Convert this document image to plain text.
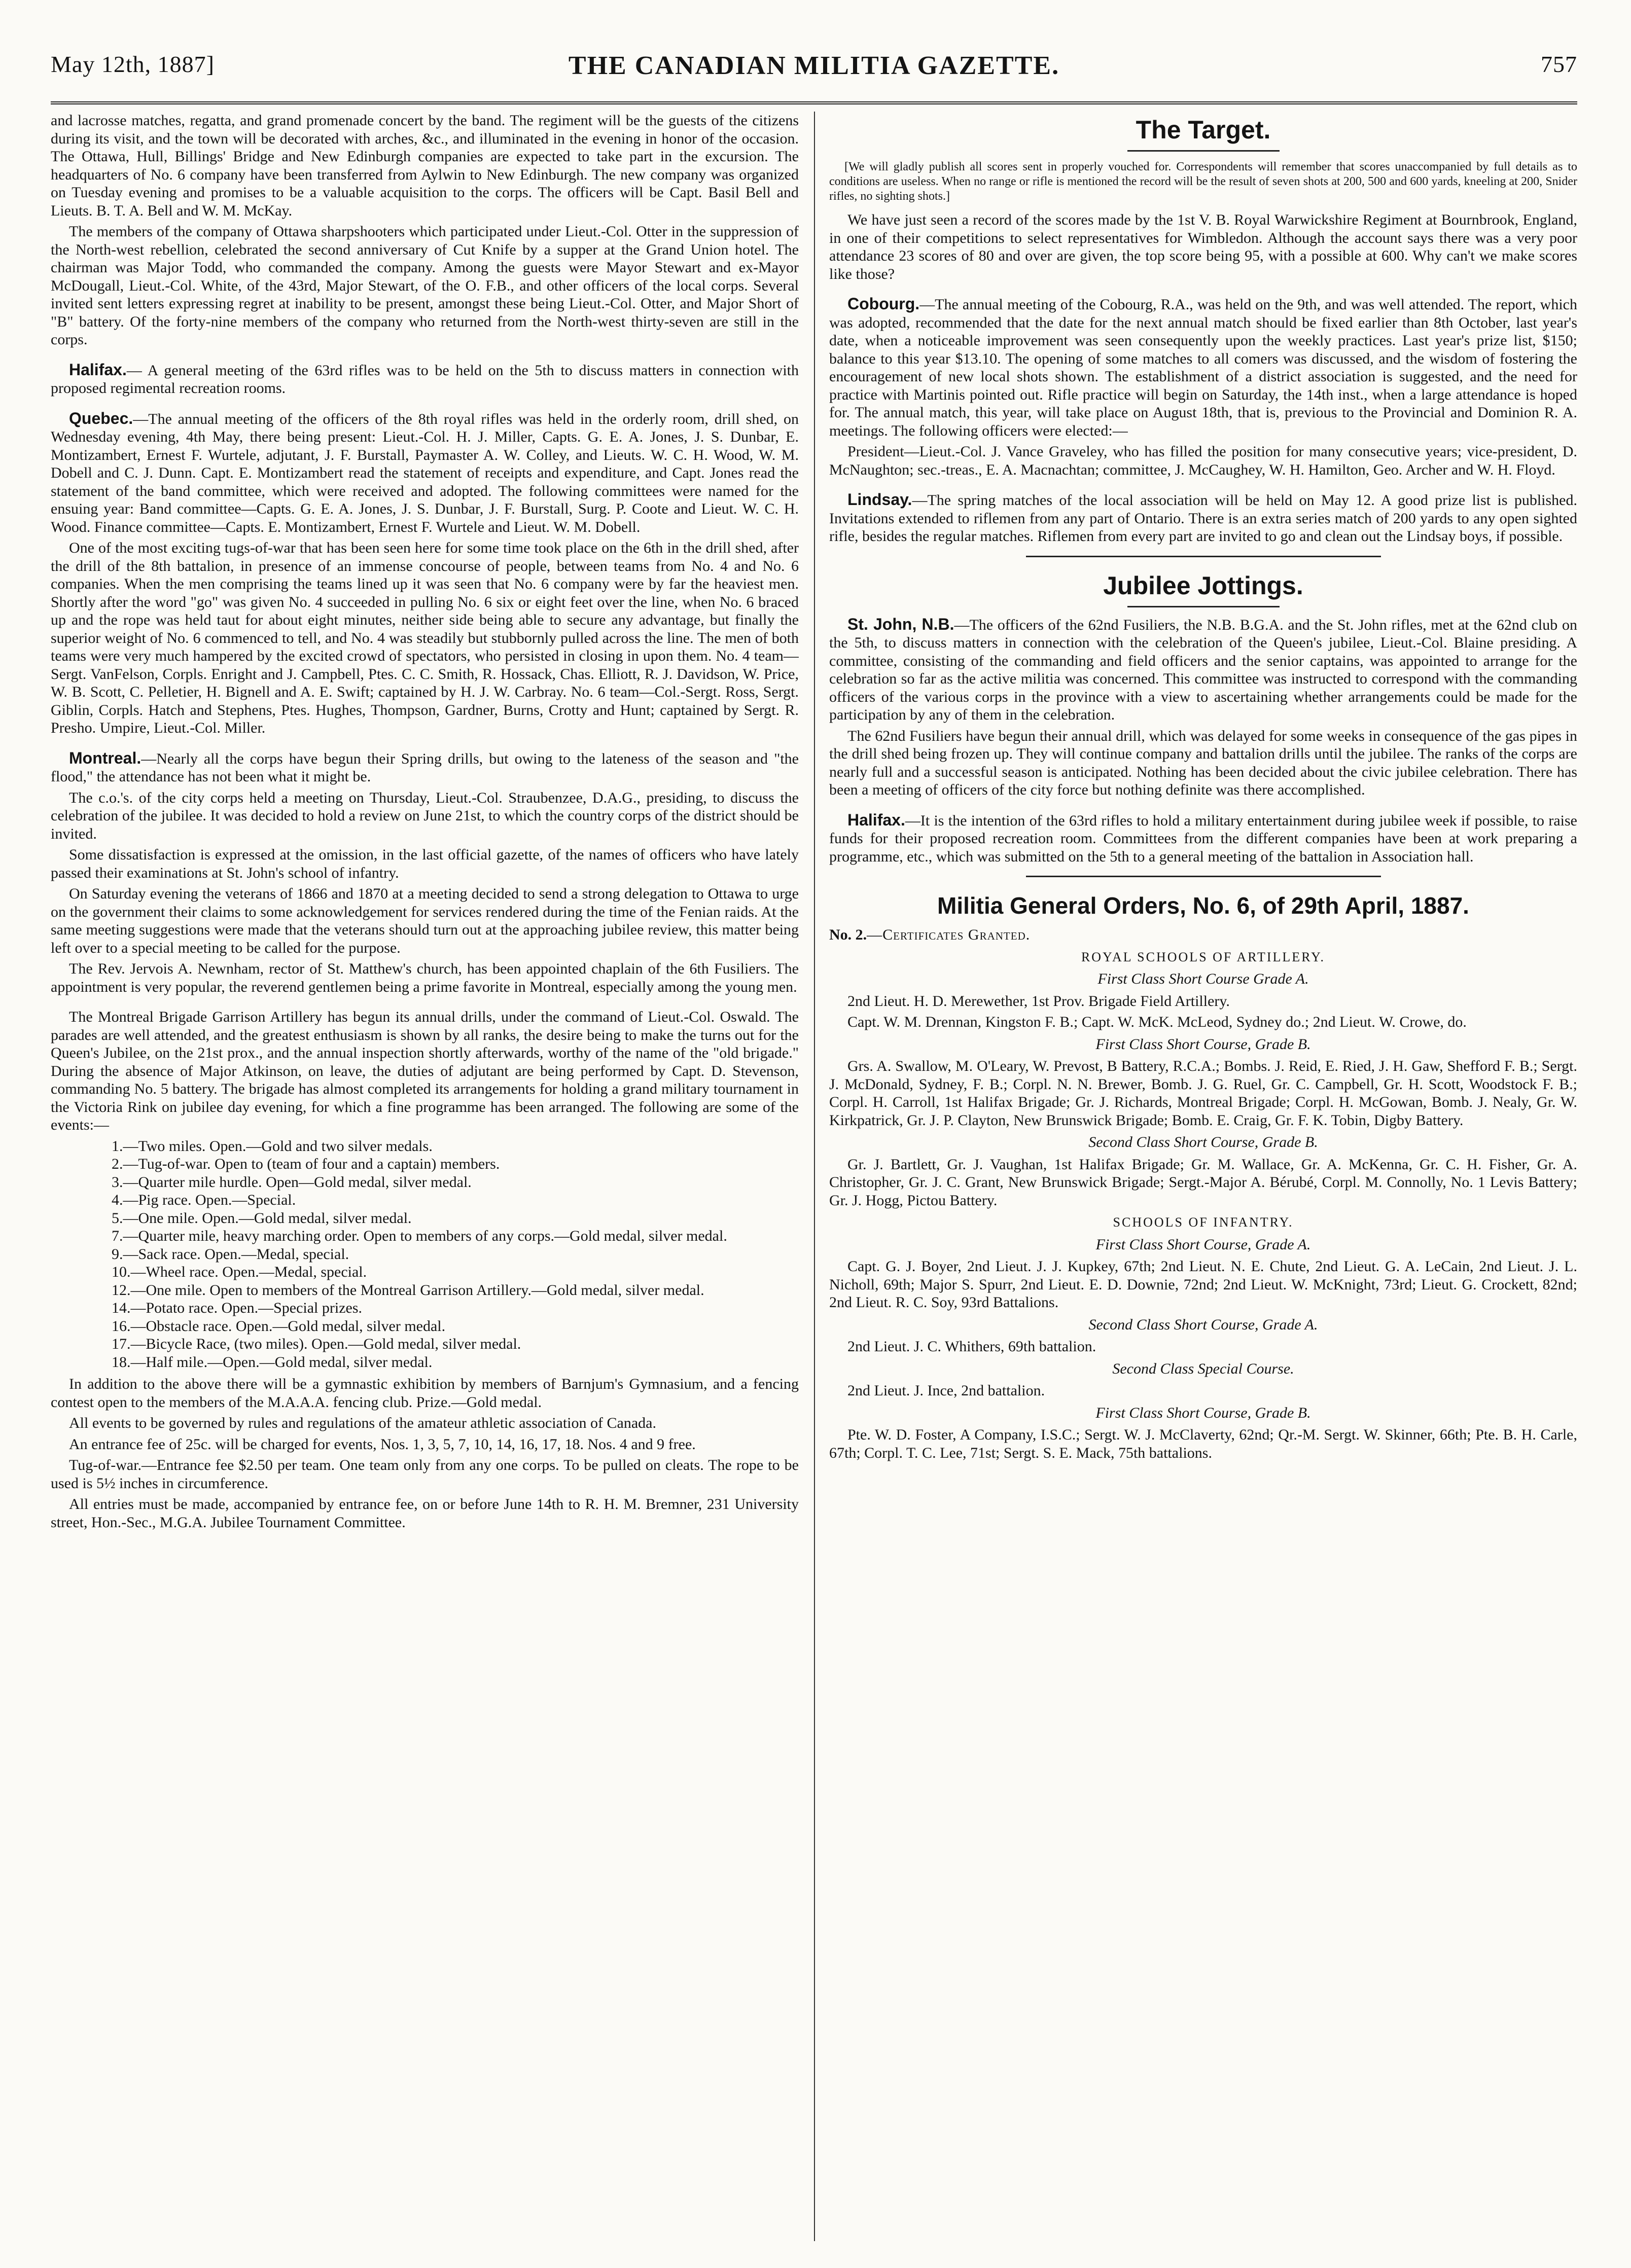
May 12th, 1887]	THE CANADIAN MILITIA GAZETTE.	757

and lacrosse matches, regatta, and grand promenade concert by the band. The regiment will be the guests of the citizens during its visit, and the town will be decorated with arches, &c., and illuminated in the evening in honor of the occasion. The Ottawa, Hull, Billings' Bridge and New Edinburgh companies are expected to take part in the excursion. The headquarters of No. 6 company have been transferred from Aylwin to New Edinburgh. The new company was organized on Tuesday evening and promises to be a valuable acquisition to the corps. The officers will be Capt. Basil Bell and Lieuts. B. T. A. Bell and W. M. McKay.

The members of the company of Ottawa sharpshooters which participated under Lieut.-Col. Otter in the suppression of the North-west rebellion, celebrated the second anniversary of Cut Knife by a supper at the Grand Union hotel. The chairman was Major Todd, who commanded the company. Among the guests were Mayor Stewart and ex-Mayor McDougall, Lieut.-Col. White, of the 43rd, Major Stewart, of the O. F.B., and other officers of the local corps. Several invited sent letters expressing regret at inability to be present, amongst these being Lieut.-Col. Otter, and Major Short of "B" battery. Of the forty-nine members of the company who returned from the North-west thirty-seven are still in the corps.

Halifax.— A general meeting of the 63rd rifles was to be held on the 5th to discuss matters in connection with proposed regimental recreation rooms.

Quebec.—The annual meeting of the officers of the 8th royal rifles was held in the orderly room, drill shed, on Wednesday evening, 4th May, there being present: Lieut.-Col. H. J. Miller, Capts. G. E. A. Jones, J. S. Dunbar, E. Montizambert, Ernest F. Wurtele, adjutant, J. F. Burstall, Paymaster A. W. Colley, and Lieuts. W. C. H. Wood, W. M. Dobell and C. J. Dunn. Capt. E. Montizambert read the statement of receipts and expenditure, and Capt. Jones read the statement of the band committee, which were received and adopted. The following committees were named for the ensuing year: Band committee—Capts. G. E. A. Jones, J. S. Dunbar, J. F. Burstall, Surg. P. Coote and Lieut. W. C. H. Wood. Finance committee—Capts. E. Montizambert, Ernest F. Wurtele and Lieut. W. M. Dobell.

One of the most exciting tugs-of-war that has been seen here for some time took place on the 6th in the drill shed, after the drill of the 8th battalion, in presence of an immense concourse of people, between teams from No. 4 and No. 6 companies. When the men comprising the teams lined up it was seen that No. 6 company were by far the heaviest men. Shortly after the word "go" was given No. 4 succeeded in pulling No. 6 six or eight feet over the line, when No. 6 braced up and the rope was held taut for about eight minutes, neither side being able to secure any advantage, but finally the superior weight of No. 6 commenced to tell, and No. 4 was steadily but stubbornly pulled across the line. The men of both teams were very much hampered by the excited crowd of spectators, who persisted in closing in upon them. No. 4 team—Sergt. VanFelson, Corpls. Enright and J. Campbell, Ptes. C. C. Smith, R. Hossack, Chas. Elliott, R. J. Davidson, W. Price, W. B. Scott, C. Pelletier, H. Bignell and A. E. Swift; captained by H. J. W. Carbray. No. 6 team—Col.-Sergt. Ross, Sergt. Giblin, Corpls. Hatch and Stephens, Ptes. Hughes, Thompson, Gardner, Burns, Crotty and Hunt; captained by Sergt. R. Presho. Umpire, Lieut.-Col. Miller.

Montreal.—Nearly all the corps have begun their Spring drills, but owing to the lateness of the season and "the flood," the attendance has not been what it might be.

The c.o.'s. of the city corps held a meeting on Thursday, Lieut.-Col. Straubenzee, D.A.G., presiding, to discuss the celebration of the jubilee. It was decided to hold a review on June 21st, to which the country corps of the district should be invited.

Some dissatisfaction is expressed at the omission, in the last official gazette, of the names of officers who have lately passed their examinations at St. John's school of infantry.

On Saturday evening the veterans of 1866 and 1870 at a meeting decided to send a strong delegation to Ottawa to urge on the government their claims to some acknowledgement for services rendered during the time of the Fenian raids. At the same meeting suggestions were made that the veterans should turn out at the approaching jubilee review, this matter being left over to a special meeting to be called for the purpose.

The Rev. Jervois A. Newnham, rector of St. Matthew's church, has been appointed chaplain of the 6th Fusiliers. The appointment is very popular, the reverend gentlemen being a prime favorite in Montreal, especially among the young men.

The Montreal Brigade Garrison Artillery has begun its annual drills, under the command of Lieut.-Col. Oswald. The parades are well attended, and the greatest enthusiasm is shown by all ranks, the desire being to make the turns out for the Queen's Jubilee, on the 21st prox., and the annual inspection shortly afterwards, worthy of the name of the "old brigade." During the absence of Major Atkinson, on leave, the duties of adjutant are being performed by Capt. D. Stevenson, commanding No. 5 battery. The brigade has almost completed its arrangements for holding a grand military tournament in the Victoria Rink on jubilee day evening, for which a fine programme has been arranged. The following are some of the events:—

1.—Two miles. Open.—Gold and two silver medals.
2.—Tug-of-war. Open to (team of four and a captain) members.
3.—Quarter mile hurdle. Open—Gold medal, silver medal.
4.—Pig race. Open.—Special.
5.—One mile. Open.—Gold medal, silver medal.
7.—Quarter mile, heavy marching order. Open to members of any corps.—Gold medal, silver medal.
9.—Sack race. Open.—Medal, special.
10.—Wheel race. Open.—Medal, special.
12.—One mile. Open to members of the Montreal Garrison Artillery.—Gold medal, silver medal.
14.—Potato race. Open.—Special prizes.
16.—Obstacle race. Open.—Gold medal, silver medal.
17.—Bicycle Race, (two miles). Open.—Gold medal, silver medal.
18.—Half mile.—Open.—Gold medal, silver medal.

In addition to the above there will be a gymnastic exhibition by members of Barnjum's Gymnasium, and a fencing contest open to the members of the M.A.A.A. fencing club. Prize.—Gold medal.

All events to be governed by rules and regulations of the amateur athletic association of Canada.

An entrance fee of 25c. will be charged for events, Nos. 1, 3, 5, 7, 10, 14, 16, 17, 18. Nos. 4 and 9 free.

Tug-of-war.—Entrance fee $2.50 per team. One team only from any one corps. To be pulled on cleats. The rope to be used is 5½ inches in circumference.

All entries must be made, accompanied by entrance fee, on or before June 14th to R. H. M. Bremner, 231 University street, Hon.-Sec., M.G.A. Jubilee Tournament Committee.

The Target.

[We will gladly publish all scores sent in properly vouched for. Correspondents will remember that scores unaccompanied by full details as to conditions are useless. When no range or rifle is mentioned the record will be the result of seven shots at 200, 500 and 600 yards, kneeling at 200, Snider rifles, no sighting shots.]

We have just seen a record of the scores made by the 1st V. B. Royal Warwickshire Regiment at Bournbrook, England, in one of their competitions to select representatives for Wimbledon. Although the account says there was a very poor attendance 23 scores of 80 and over are given, the top score being 95, with a possible at 600. Why can't we make scores like those?

Cobourg.—The annual meeting of the Cobourg, R.A., was held on the 9th, and was well attended. The report, which was adopted, recommended that the date for the next annual match should be fixed earlier than 8th October, last year's date, when a noticeable improvement was seen consequently upon the weekly practices. Last year's prize list, $150; balance to this year $13.10. The opening of some matches to all comers was discussed, and the wisdom of fostering the encouragement of new local shots shown. The establishment of a district association is suggested, and the need for practice with Martinis pointed out. Rifle practice will begin on Saturday, the 14th inst., when a large attendance is hoped for. The annual match, this year, will take place on August 18th, that is, previous to the Provincial and Dominion R. A. meetings. The following officers were elected:—

President—Lieut.-Col. J. Vance Graveley, who has filled the position for many consecutive years; vice-president, D. McNaughton; sec.-treas., E. A. Macnachtan; committee, J. McCaughey, W. H. Hamilton, Geo. Archer and W. H. Floyd.

Lindsay.—The spring matches of the local association will be held on May 12. A good prize list is published. Invitations extended to riflemen from any part of Ontario. There is an extra series match of 200 yards to any open sighted rifle, besides the regular matches. Riflemen from every part are invited to go and clean out the Lindsay boys, if possible.

Jubilee Jottings.

St. John, N.B.—The officers of the 62nd Fusiliers, the N.B. B.G.A. and the St. John rifles, met at the 62nd club on the 5th, to discuss matters in connection with the celebration of the Queen's jubilee, Lieut.-Col. Blaine presiding. A committee, consisting of the commanding and field officers and the senior captains, was appointed to arrange for the celebration so far as the active militia was concerned. This committee was instructed to correspond with the commanding officers of the various corps in the province with a view to ascertaining whether arrangements could be made for the participation by any of them in the celebration.

The 62nd Fusiliers have begun their annual drill, which was delayed for some weeks in consequence of the gas pipes in the drill shed being frozen up. They will continue company and battalion drills until the jubilee. The ranks of the corps are nearly full and a successful season is anticipated. Nothing has been decided about the civic jubilee celebration. There has been a meeting of officers of the city force but nothing definite was there accomplished.

Halifax.—It is the intention of the 63rd rifles to hold a military entertainment during jubilee week if possible, to raise funds for their proposed recreation room. Committees from the different companies have been at work preparing a programme, etc., which was submitted on the 5th to a general meeting of the battalion in Association hall.

Militia General Orders, No. 6, of 29th April, 1887.

No. 2.—Certificates Granted.

ROYAL SCHOOLS OF ARTILLERY.

First Class Short Course Grade A.

2nd Lieut. H. D. Merewether, 1st Prov. Brigade Field Artillery.

Capt. W. M. Drennan, Kingston F. B.; Capt. W. McK. McLeod, Sydney do.; 2nd Lieut. W. Crowe, do.

First Class Short Course, Grade B.

Grs. A. Swallow, M. O'Leary, W. Prevost, B Battery, R.C.A.; Bombs. J. Reid, E. Ried, J. H. Gaw, Shefford F. B.; Sergt. J. McDonald, Sydney, F. B.; Corpl. N. N. Brewer, Bomb. J. G. Ruel, Gr. C. Campbell, Gr. H. Scott, Woodstock F. B.; Corpl. H. Carroll, 1st Halifax Brigade; Gr. J. Richards, Montreal Brigade; Corpl. H. McGowan, Bomb. J. Nealy, Gr. W. Kirkpatrick, Gr. J. P. Clayton, New Brunswick Brigade; Bomb. E. Craig, Gr. F. K. Tobin, Digby Battery.

Second Class Short Course, Grade B.

Gr. J. Bartlett, Gr. J. Vaughan, 1st Halifax Brigade; Gr. M. Wallace, Gr. A. McKenna, Gr. C. H. Fisher, Gr. A. Christopher, Gr. J. C. Grant, New Brunswick Brigade; Sergt.-Major A. Bérubé, Corpl. M. Connolly, No. 1 Levis Battery; Gr. J. Hogg, Pictou Battery.

SCHOOLS OF INFANTRY.

First Class Short Course, Grade A.

Capt. G. J. Boyer, 2nd Lieut. J. J. Kupkey, 67th; 2nd Lieut. N. E. Chute, 2nd Lieut. G. A. LeCain, 2nd Lieut. J. L. Nicholl, 69th; Major S. Spurr, 2nd Lieut. E. D. Downie, 72nd; 2nd Lieut. W. McKnight, 73rd; Lieut. G. Crockett, 82nd; 2nd Lieut. R. C. Soy, 93rd Battalions.

Second Class Short Course, Grade A.

2nd Lieut. J. C. Whithers, 69th battalion.

Second Class Special Course.

2nd Lieut. J. Ince, 2nd battalion.

First Class Short Course, Grade B.

Pte. W. D. Foster, A Company, I.S.C.; Sergt. W. J. McClaverty, 62nd; Qr.-M. Sergt. W. Skinner, 66th; Pte. B. H. Carle, 67th; Corpl. T. C. Lee, 71st; Sergt. S. E. Mack, 75th battalions.
